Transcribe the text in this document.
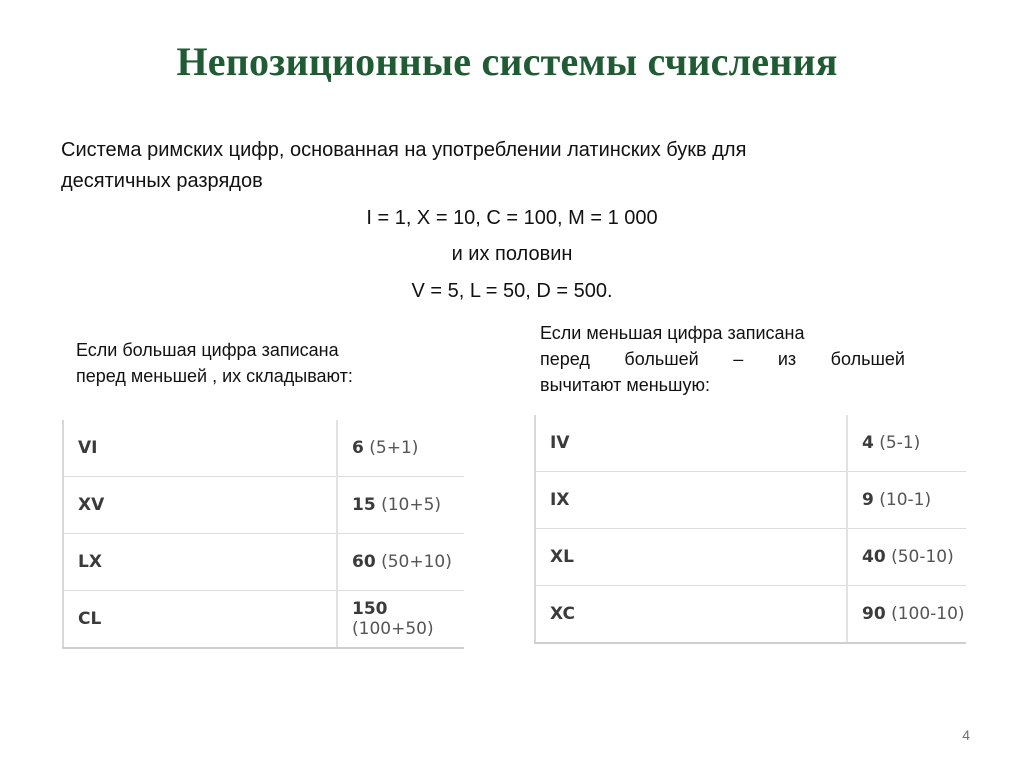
Непозиционные системы счисления
Система римских цифр, основанная на употреблении латинских букв для
десятичных разрядов
I = 1, X = 10, C = 100, M = 1 000
и их половин
V = 5, L = 50, D = 500.
Если большая цифра записана
перед меньшей , их складывают:
Если меньшая цифра записана
перед большей – из большей
вычитают меньшую:
VI	6 (5+1)
XV	15 (10+5)
LX	60 (50+10)
CL	150 (100+50)
IV	4 (5-1)
IX	9 (10-1)
XL	40 (50-10)
XC	90 (100-10)
4
